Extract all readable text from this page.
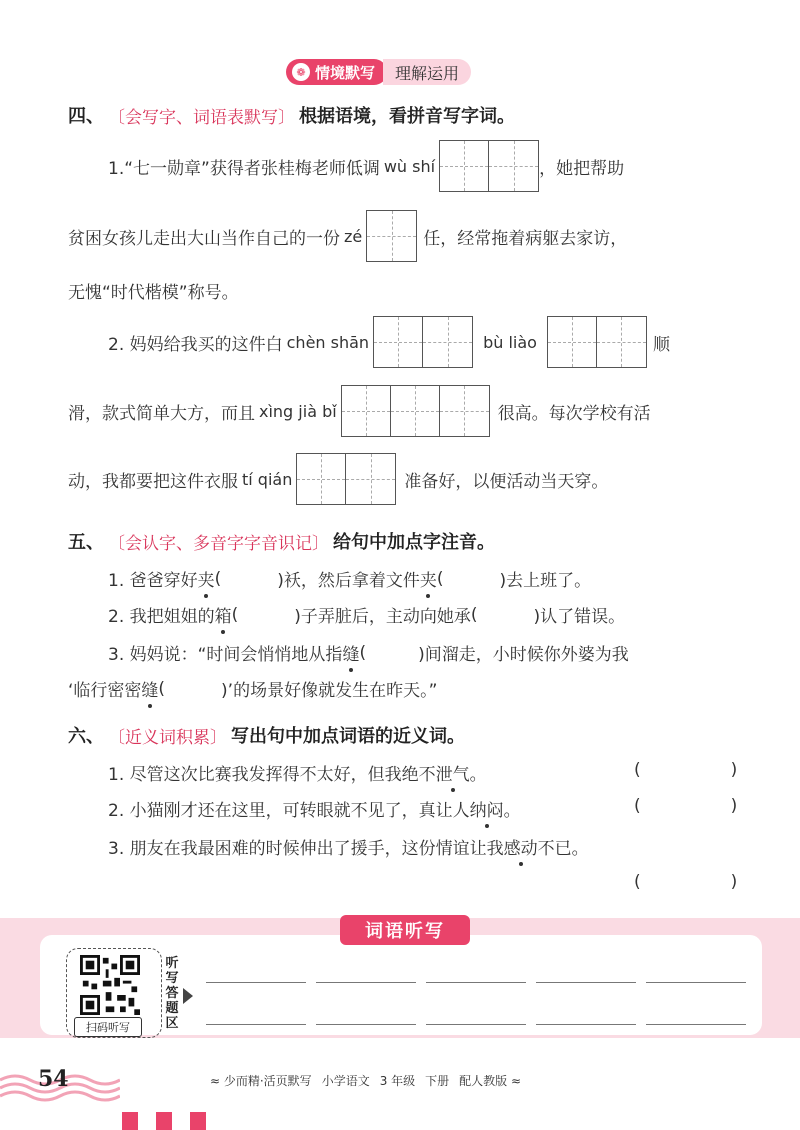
❁ 情境默写	理解运用
四、 〔会写字、词语表默写〕 根据语境，看拼音写字词。
1.“七一勋章”获得者张桂梅老师低调 wù shí	，她把帮助
贫困女孩儿走出大山当作自己的一份 zé	任，经常拖着病躯去家访，
无愧“时代楷模”称号。
2. 妈妈给我买的这件白 chèn shān	bù liào	顺
滑，款式简单大方，而且 xìng jià bǐ	很高。每次学校有活
动，我都要把这件衣服 tí qián	准备好，以便活动当天穿。
五、 〔会认字、多音字字音识记〕 给句中加点字注音。
1. 爸爸穿好 夹 (	)袄，然后拿着文件 夹 (	)去上班了。
2. 我把姐姐的 箱 (	)子弄脏后，主动向她承 (	)认了错误。
3. 妈妈说：“时间会悄悄地从指 缝 (	)间溜走，小时候你外婆为我
‘临行密密 缝 (	)’的场景好像就发生在昨天。”
六、 〔近义词积累〕 写出句中加点词语的近义词。
1. 尽管这次比赛我发挥得不太好，但我绝不 泄气 。	(	)
2. 小猫刚才还在这里，可转眼就不见了，真让人 纳闷 。	(	)
3. 朋友在我最困难的时候伸出了援手，这份情谊让我 感动 不已。
(	)
词语听写
扫码听写
听写答题区
54	≈ 少而精·活页默写 小学语文 3 年级 下册 配人教版 ≈
